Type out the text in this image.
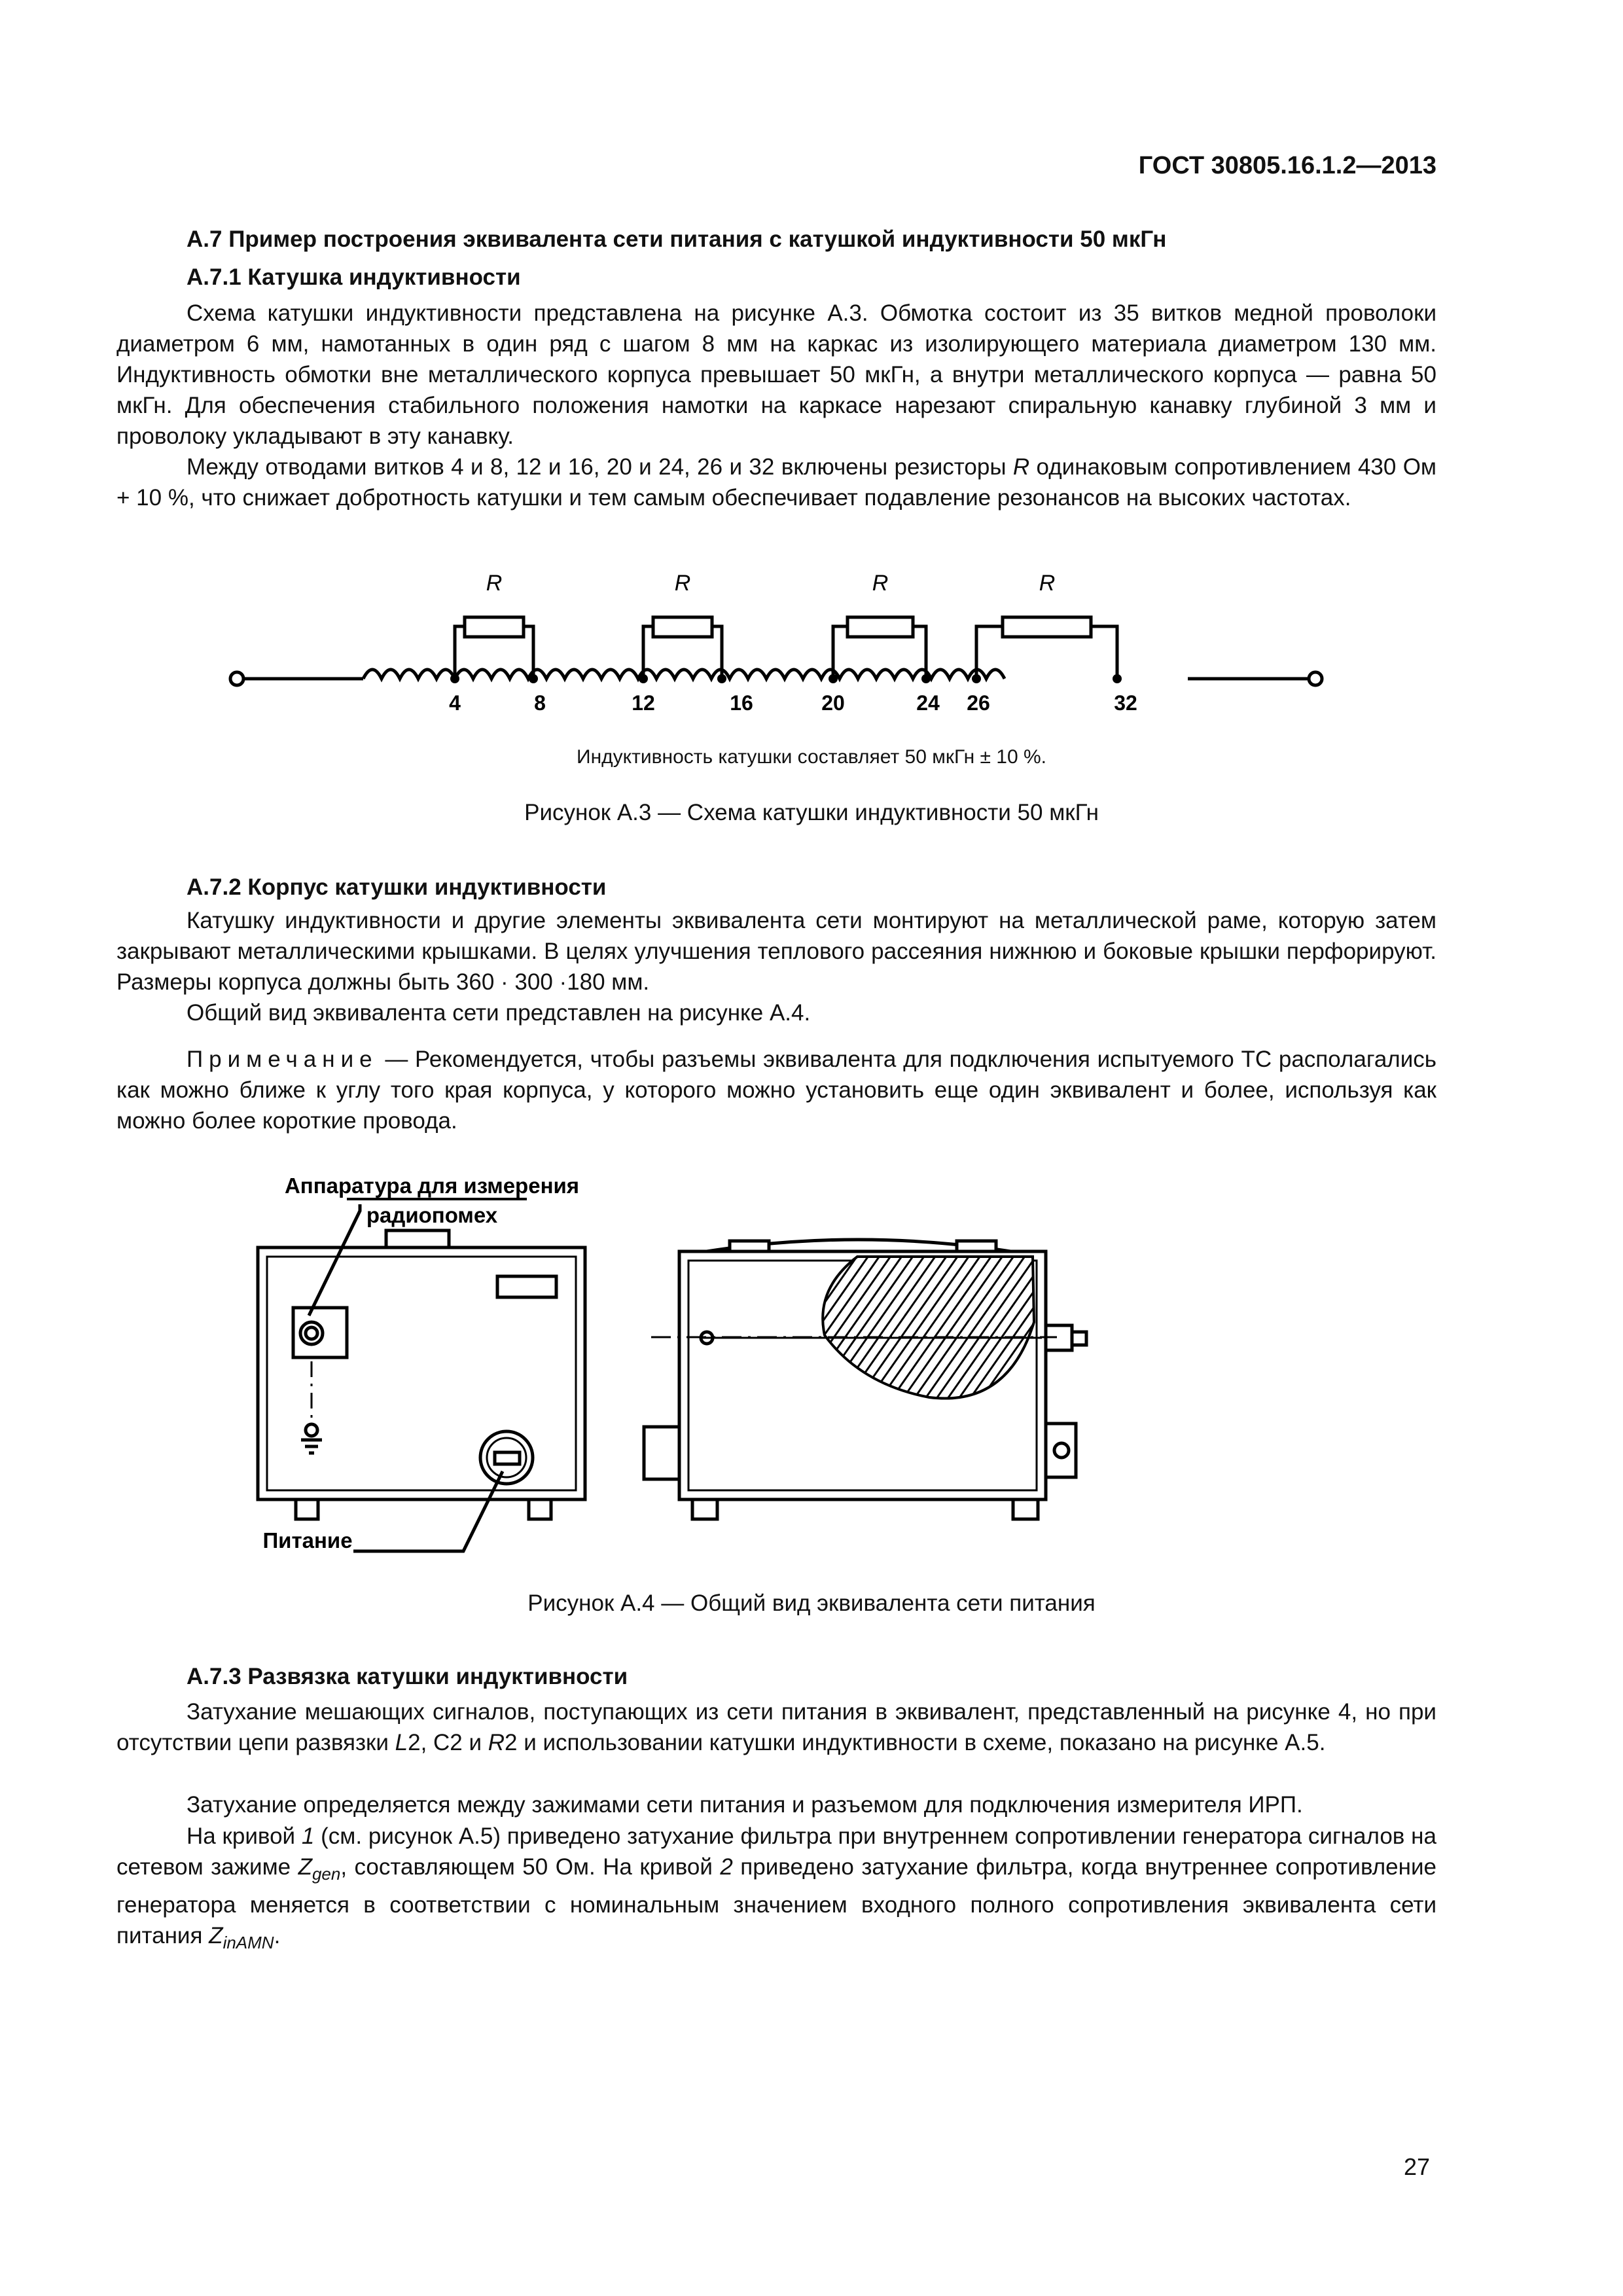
ГОСТ 30805.16.1.2—2013
А.7 Пример построения эквивалента сети питания с катушкой индуктивности 50 мкГн
А.7.1 Катушка индуктивности
Схема катушки индуктивности представлена на рисунке А.3. Обмотка состоит из 35 витков медной проволоки диаметром 6 мм, намотанных в один ряд с шагом 8 мм на каркас из изолирующего материала диаметром 130 мм. Индуктивность обмотки вне металлического корпуса превышает 50 мкГн, а внутри металлического корпуса — равна 50 мкГн. Для обеспечения стабильного положения намотки на каркасе нарезают спиральную канавку глубиной 3 мм и проволоку укладывают в эту канавку.
Между отводами витков 4 и 8, 12 и 16, 20 и 24, 26 и 32 включены резисторы R одинаковым сопротивлением 430 Ом + 10 %, что снижает добротность катушки и тем самым обеспечивает подавление резонансов на высоких частотах.
R	R	R	R
4	8	12	16	20	24 26	32
Индуктивность катушки составляет 50 мкГн ± 10 %.
Рисунок А.3 — Схема катушки индуктивности 50 мкГн
А.7.2 Корпус катушки индуктивности
Катушку индуктивности и другие элементы эквивалента сети монтируют на металлической раме, которую затем закрывают металлическими крышками. В целях улучшения теплового рассеяния нижнюю и боковые крышки перфорируют. Размеры корпуса должны быть 360 · 300 ·180 мм.
Общий вид эквивалента сети представлен на рисунке А.4.
Примечание — Рекомендуется, чтобы разъемы эквивалента для подключения испытуемого ТС располагались как можно ближе к углу того края корпуса, у которого можно установить еще один эквивалент и более, используя как можно более короткие провода.
Аппаратура для измерения
радиопомех
Питание
Рисунок А.4 — Общий вид эквивалента сети питания
А.7.3 Развязка катушки индуктивности
Затухание мешающих сигналов, поступающих из сети питания в эквивалент, представленный на рисунке 4, но при отсутствии цепи развязки L2, С2 и R2 и использовании катушки индуктивности в схеме, показано на рисунке А.5.
Затухание определяется между зажимами сети питания и разъемом для подключения измерителя ИРП.
На кривой 1 (см. рисунок А.5) приведено затухание фильтра при внутреннем сопротивлении генератора сигналов на сетевом зажиме $Z_{gen}$, составляющем 50 Ом. На кривой 2 приведено затухание фильтра, когда внутреннее сопротивление генератора меняется в соответствии с номинальным значением входного полного сопротивления эквивалента сети питания $Z_{inAMN}$.
27
